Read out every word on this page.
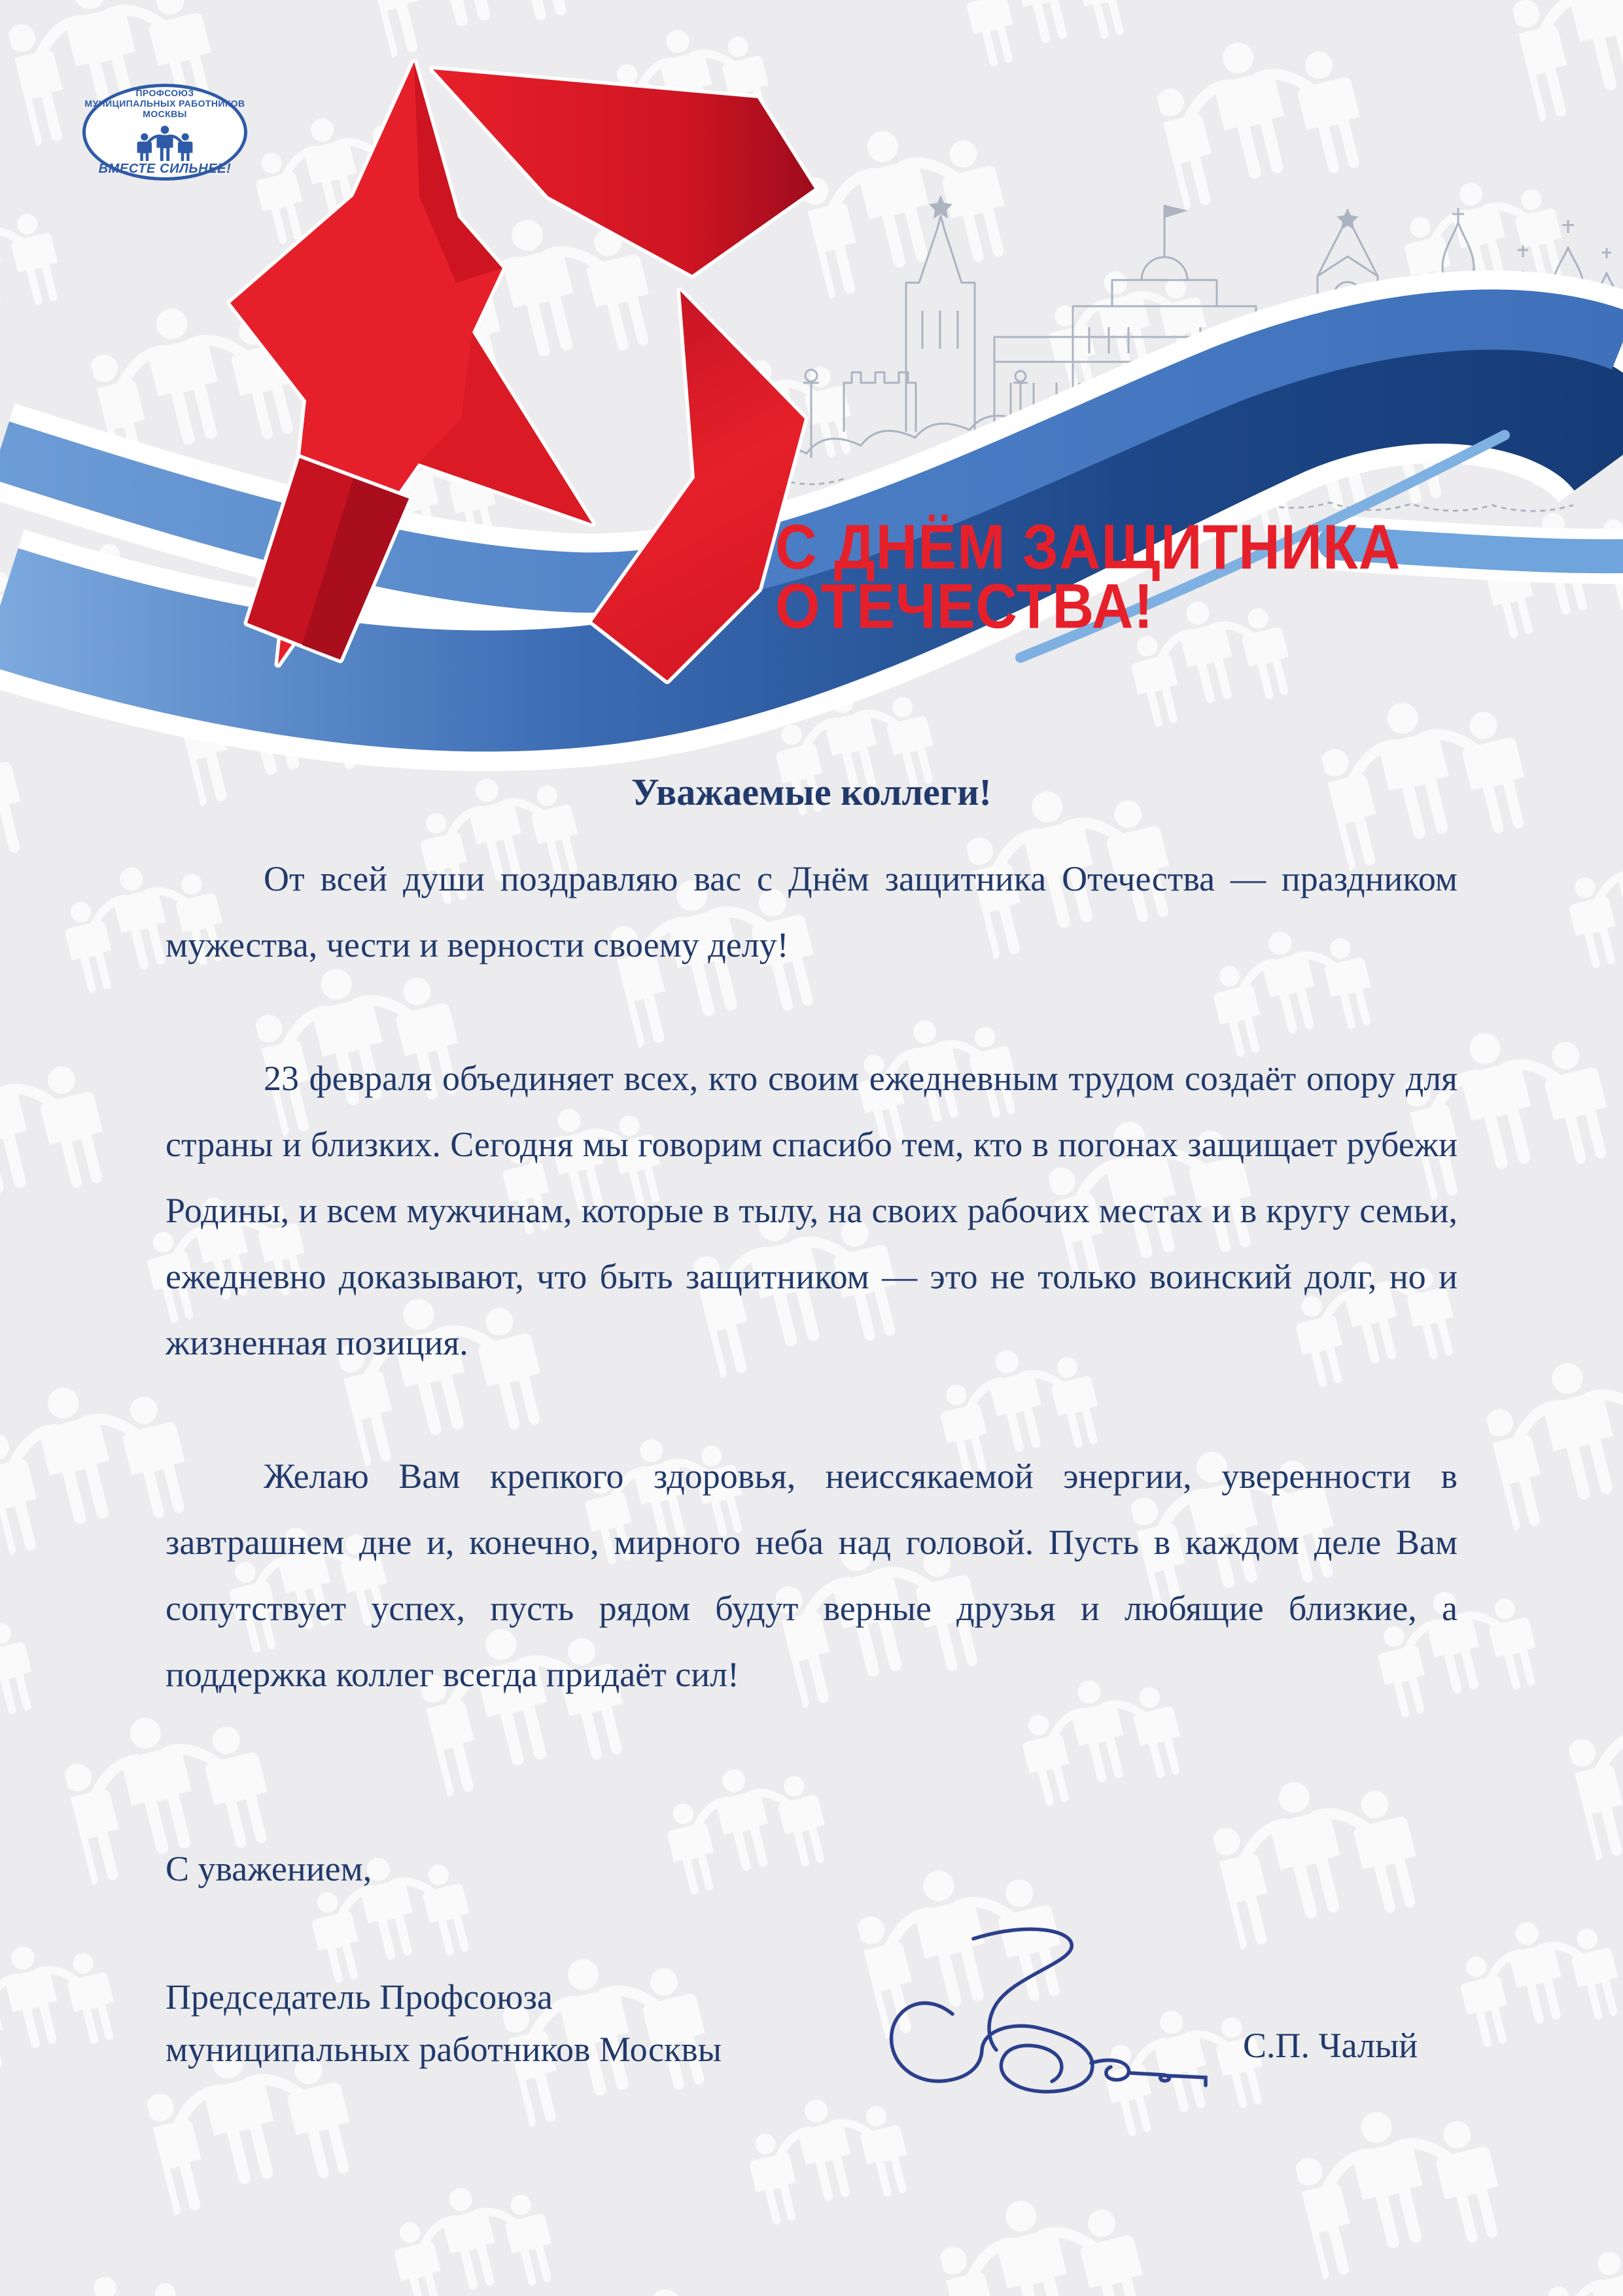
ПРОФСОЮЗ
МУНИЦИПАЛЬНЫХ РАБОТНИКОВ
МОСКВЫ
ВМЕСТЕ СИЛЬНЕЕ!
С ДНЁМ ЗАЩИТНИКА
ОТЕЧЕСТВА!
Уважаемые коллеги!

От всей души поздравляю вас с Днём защитника Отечества — праздником мужества, чести и верности своему делу!

23 февраля объединяет всех, кто своим ежедневным трудом создаёт опору для страны и близких. Сегодня мы говорим спасибо тем, кто в погонах защищает рубежи Родины, и всем мужчинам, которые в тылу, на своих рабочих местах и в кругу семьи, ежедневно доказывают, что быть защитником — это не только воинский долг, но и жизненная позиция.

Желаю Вам крепкого здоровья, неиссякаемой энергии, уверенности в завтрашнем дне и, конечно, мирного неба над головой. Пусть в каждом деле Вам сопутствует успех, пусть рядом будут верные друзья и любящие близкие, а поддержка коллег всегда придаёт сил!

С уважением,
Председатель Профсоюза
муниципальных работников Москвы	С.П. Чалый
